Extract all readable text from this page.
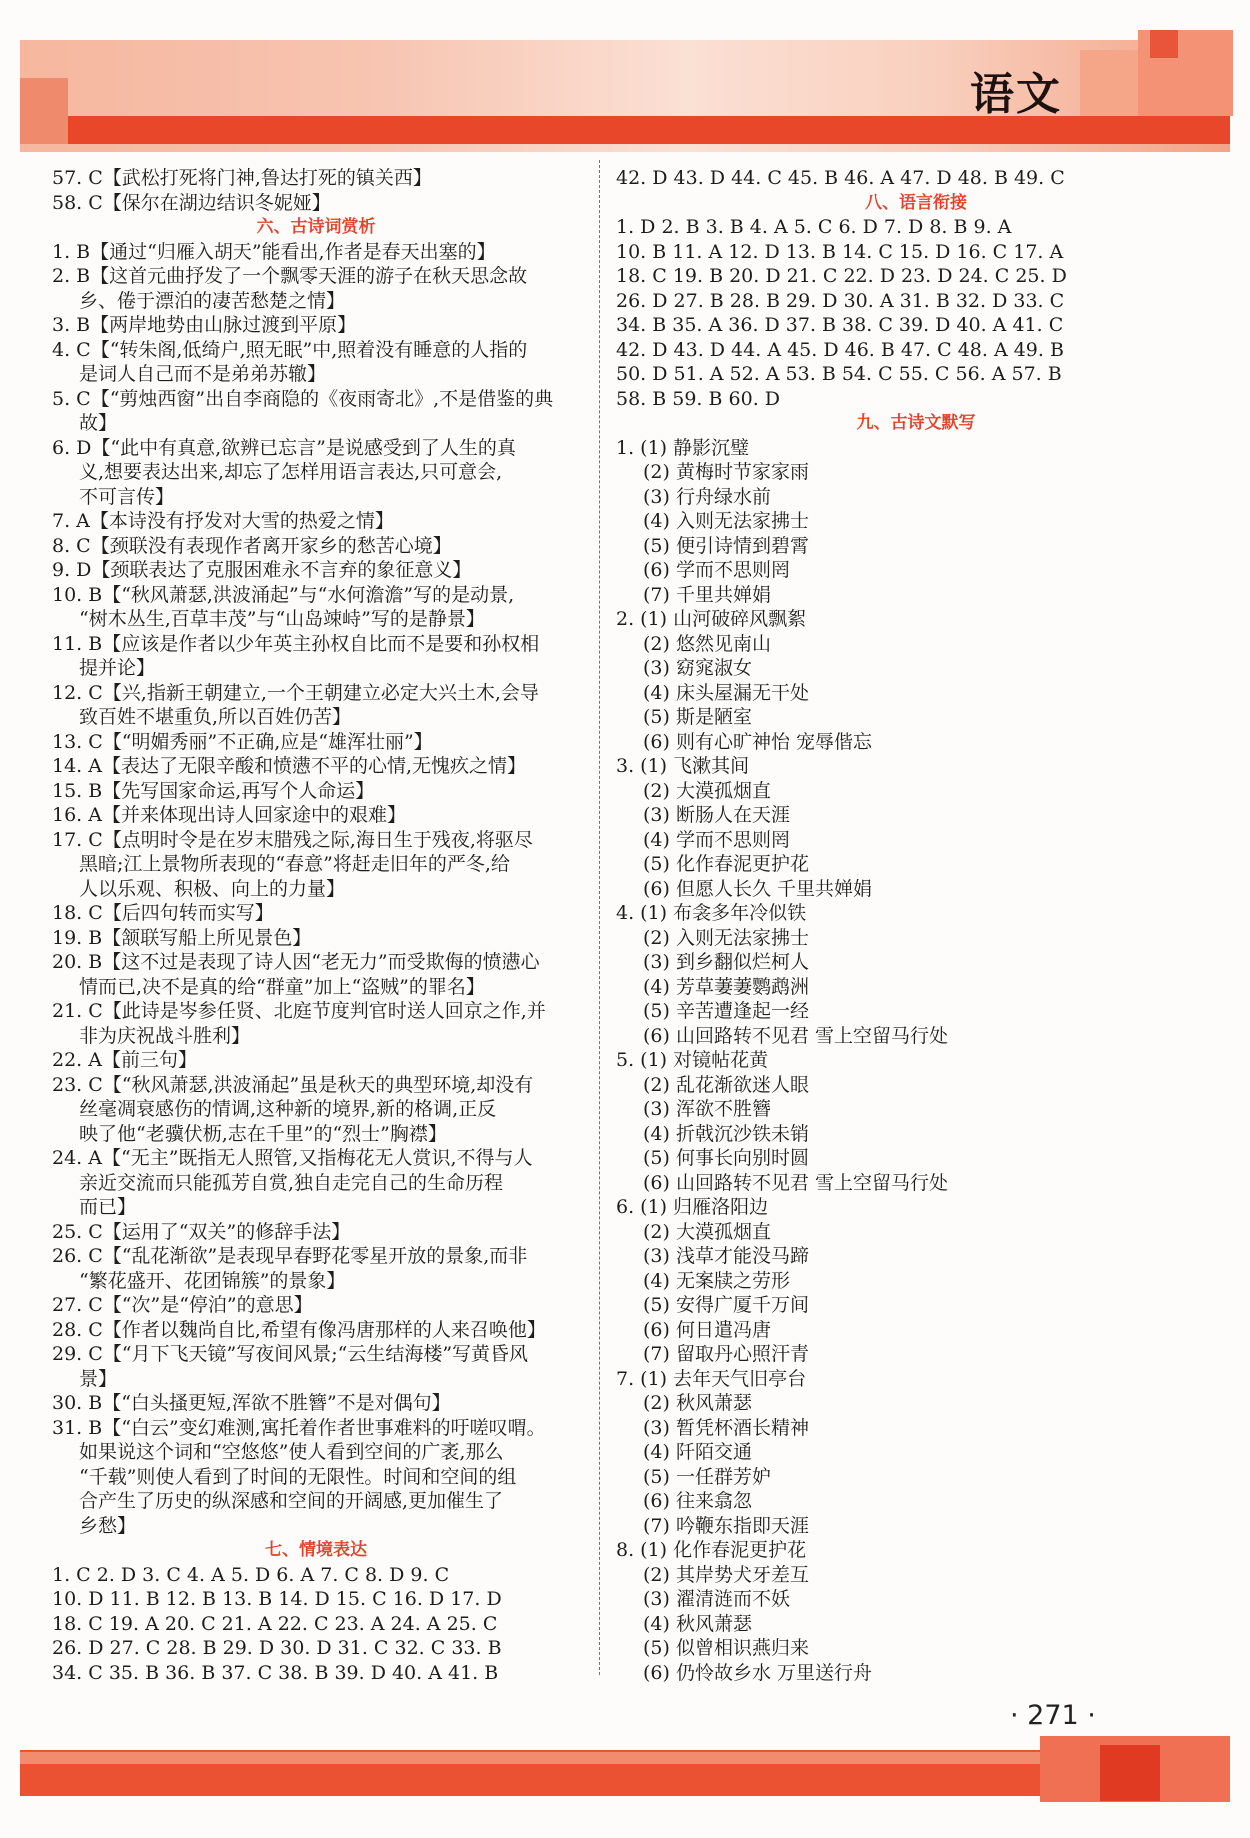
语文
57. C【武松打死将门神,鲁达打死的镇关西】
58. C【保尔在湖边结识冬妮娅】
六、古诗词赏析
1. B【通过“归雁入胡天”能看出,作者是春天出塞的】
2. B【这首元曲抒发了一个飘零天涯的游子在秋天思念故
乡、倦于漂泊的凄苦愁楚之情】
3. B【两岸地势由山脉过渡到平原】
4. C【“转朱阁,低绮户,照无眠”中,照着没有睡意的人指的
是词人自己而不是弟弟苏辙】
5. C【“剪烛西窗”出自李商隐的《夜雨寄北》,不是借鉴的典
故】
6. D【“此中有真意,欲辨已忘言”是说感受到了人生的真
义,想要表达出来,却忘了怎样用语言表达,只可意会,
不可言传】
7. A【本诗没有抒发对大雪的热爱之情】
8. C【颈联没有表现作者离开家乡的愁苦心境】
9. D【颈联表达了克服困难永不言弃的象征意义】
10. B【“秋风萧瑟,洪波涌起”与“水何澹澹”写的是动景,
“树木丛生,百草丰茂”与“山岛竦峙”写的是静景】
11. B【应该是作者以少年英主孙权自比而不是要和孙权相
提并论】
12. C【兴,指新王朝建立,一个王朝建立必定大兴土木,会导
致百姓不堪重负,所以百姓仍苦】
13. C【“明媚秀丽”不正确,应是“雄浑壮丽”】
14. A【表达了无限辛酸和愤懑不平的心情,无愧疚之情】
15. B【先写国家命运,再写个人命运】
16. A【并来体现出诗人回家途中的艰难】
17. C【点明时令是在岁末腊残之际,海日生于残夜,将驱尽
黑暗;江上景物所表现的“春意”将赶走旧年的严冬,给
人以乐观、积极、向上的力量】
18. C【后四句转而实写】
19. B【颔联写船上所见景色】
20. B【这不过是表现了诗人因“老无力”而受欺侮的愤懑心
情而已,决不是真的给“群童”加上“盗贼”的罪名】
21. C【此诗是岑参任贤、北庭节度判官时送人回京之作,并
非为庆祝战斗胜利】
22. A【前三句】
23. C【“秋风萧瑟,洪波涌起”虽是秋天的典型环境,却没有
丝毫凋衰感伤的情调,这种新的境界,新的格调,正反
映了他“老骥伏枥,志在千里”的“烈士”胸襟】
24. A【“无主”既指无人照管,又指梅花无人赏识,不得与人
亲近交流而只能孤芳自赏,独自走完自己的生命历程
而已】
25. C【运用了“双关”的修辞手法】
26. C【“乱花渐欲”是表现早春野花零星开放的景象,而非
“繁花盛开、花团锦簇”的景象】
27. C【“次”是“停泊”的意思】
28. C【作者以魏尚自比,希望有像冯唐那样的人来召唤他】
29. C【“月下飞天镜”写夜间风景;“云生结海楼”写黄昏风
景】
30. B【“白头搔更短,浑欲不胜簪”不是对偶句】
31. B【“白云”变幻难测,寓托着作者世事难料的吁嗟叹喟。
如果说这个词和“空悠悠”使人看到空间的广袤,那么
“千载”则使人看到了时间的无限性。时间和空间的组
合产生了历史的纵深感和空间的开阔感,更加催生了
乡愁】
七、情境表达
1. C 2. D 3. C 4. A 5. D 6. A 7. C 8. D 9. C
10. D 11. B 12. B 13. B 14. D 15. C 16. D 17. D
18. C 19. A 20. C 21. A 22. C 23. A 24. A 25. C
26. D 27. C 28. B 29. D 30. D 31. C 32. C 33. B
34. C 35. B 36. B 37. C 38. B 39. D 40. A 41. B
42. D 43. D 44. C 45. B 46. A 47. D 48. B 49. C
八、语言衔接
1. D 2. B 3. B 4. A 5. C 6. D 7. D 8. B 9. A
10. B 11. A 12. D 13. B 14. C 15. D 16. C 17. A
18. C 19. B 20. D 21. C 22. D 23. D 24. C 25. D
26. D 27. B 28. B 29. D 30. A 31. B 32. D 33. C
34. B 35. A 36. D 37. B 38. C 39. D 40. A 41. C
42. D 43. D 44. A 45. D 46. B 47. C 48. A 49. B
50. D 51. A 52. A 53. B 54. C 55. C 56. A 57. B
58. B 59. B 60. D
九、古诗文默写
1. (1) 静影沉璧
(2) 黄梅时节家家雨
(3) 行舟绿水前
(4) 入则无法家拂士
(5) 便引诗情到碧霄
(6) 学而不思则罔
(7) 千里共婵娟
2. (1) 山河破碎风飘絮
(2) 悠然见南山
(3) 窈窕淑女
(4) 床头屋漏无干处
(5) 斯是陋室
(6) 则有心旷神怡 宠辱偕忘
3. (1) 飞漱其间
(2) 大漠孤烟直
(3) 断肠人在天涯
(4) 学而不思则罔
(5) 化作春泥更护花
(6) 但愿人长久 千里共婵娟
4. (1) 布衾多年冷似铁
(2) 入则无法家拂士
(3) 到乡翻似烂柯人
(4) 芳草萋萋鹦鹉洲
(5) 辛苦遭逢起一经
(6) 山回路转不见君 雪上空留马行处
5. (1) 对镜帖花黄
(2) 乱花渐欲迷人眼
(3) 浑欲不胜簪
(4) 折戟沉沙铁未销
(5) 何事长向别时圆
(6) 山回路转不见君 雪上空留马行处
6. (1) 归雁洛阳边
(2) 大漠孤烟直
(3) 浅草才能没马蹄
(4) 无案牍之劳形
(5) 安得广厦千万间
(6) 何日遣冯唐
(7) 留取丹心照汗青
7. (1) 去年天气旧亭台
(2) 秋风萧瑟
(3) 暂凭杯酒长精神
(4) 阡陌交通
(5) 一任群芳妒
(6) 往来翕忽
(7) 吟鞭东指即天涯
8. (1) 化作春泥更护花
(2) 其岸势犬牙差互
(3) 濯清涟而不妖
(4) 秋风萧瑟
(5) 似曾相识燕归来
(6) 仍怜故乡水 万里送行舟
· 271 ·
